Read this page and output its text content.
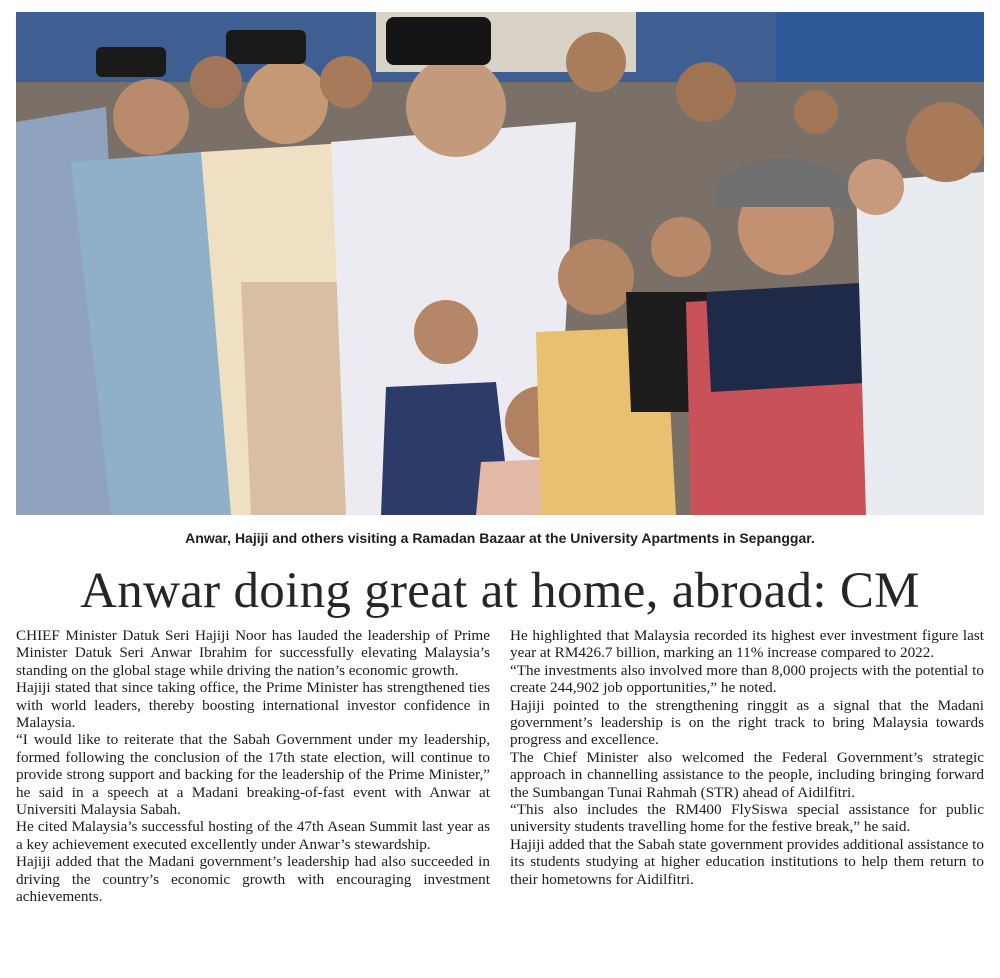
Anwar, Hajiji and others visiting a Ramadan Bazaar at the University Apartments in Sepanggar.
Anwar doing great at home, abroad: CM

CHIEF Minister Datuk Seri Hajiji Noor has lauded the leadership of Prime Minister Datuk Seri Anwar Ibrahim for successfully elevating Malaysia’s standing on the global stage while driving the nation’s economic growth.

Hajiji stated that since taking office, the Prime Minister has strengthened ties with world leaders, thereby boosting international investor confidence in Malaysia.

“I would like to reiterate that the Sabah Government under my leadership, formed following the conclusion of the 17th state election, will continue to provide strong support and backing for the leadership of the Prime Minister,” he said in a speech at a Madani breaking-of-fast event with Anwar at Universiti Malaysia Sabah.

He cited Malaysia’s successful hosting of the 47th Asean Summit last year as a key achievement executed excellently under Anwar’s stewardship.

Hajiji added that the Madani government’s leadership had also succeeded in driving the country’s economic growth with encouraging investment achievements.

He highlighted that Malaysia recorded its highest ever investment figure last year at RM426.7 billion, marking an 11% increase compared to 2022.

“The investments also involved more than 8,000 projects with the potential to create 244,902 job opportunities,” he noted.

Hajiji pointed to the strengthening ringgit as a signal that the Madani government’s leadership is on the right track to bring Malaysia towards progress and excellence.

The Chief Minister also welcomed the Federal Government’s strategic approach in channelling assistance to the people, including bringing forward the Sumbangan Tunai Rahmah (STR) ahead of Aidilfitri.

“This also includes the RM400 FlySiswa special assistance for public university students travelling home for the festive break,” he said.

Hajiji added that the Sabah state government provides additional assistance to its students studying at higher education institutions to help them return to their hometowns for Aidilfitri.
